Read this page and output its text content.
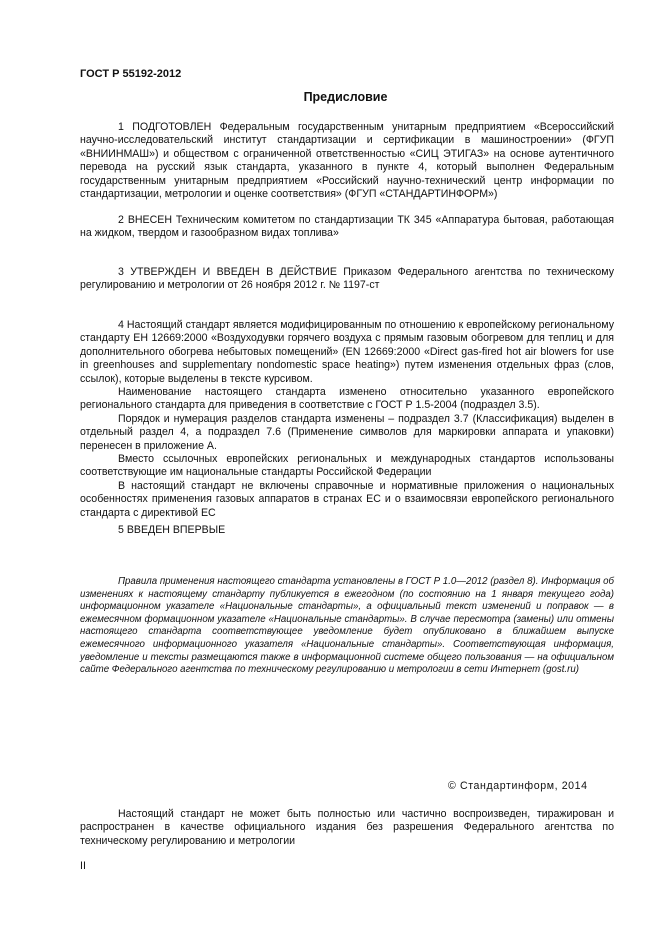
ГОСТ Р 55192-2012
Предисловие

1 ПОДГОТОВЛЕН Федеральным государственным унитарным предприятием «Всероссийский научно-исследовательский институт стандартизации и сертификации в машиностроении» (ФГУП «ВНИИНМАШ») и обществом с ограниченной ответственностью «СИЦ ЭТИГАЗ» на основе аутентичного перевода на русский язык стандарта, указанного в пункте 4, который выполнен Федеральным государственным унитарным предприятием «Российский научно-технический центр информации по стандартизации, метрологии и оценке соответствия» (ФГУП «СТАНДАРТИНФОРМ»)

2 ВНЕСЕН Техническим комитетом по стандартизации ТК 345 «Аппаратура бытовая, работающая на жидком, твердом и газообразном видах топлива»

3 УТВЕРЖДЕН И ВВЕДЕН В ДЕЙСТВИЕ Приказом Федерального агентства по техническому регулированию и метрологии от 26 ноября 2012 г. № 1197-ст

4 Настоящий стандарт является модифицированным по отношению к европейскому региональному стандарту ЕН 12669:2000 «Воздуходувки горячего воздуха с прямым газовым обогревом для теплиц и для дополнительного обогрева небытовых помещений» (EN 12669:2000 «Direct gas-fired hot air blowers for use in greenhouses and supplementary nondomestic space heating») путем изменения отдельных фраз (слов, ссылок), которые выделены в тексте курсивом.

Наименование настоящего стандарта изменено относительно указанного европейского регионального стандарта для приведения в соответствие с ГОСТ Р 1.5-2004 (подраздел 3.5).

Порядок и нумерация разделов стандарта изменены – подраздел 3.7 (Классификация) выделен в отдельный раздел 4, а подраздел 7.6 (Применение символов для маркировки аппарата и упаковки) перенесен в приложение А.

Вместо ссылочных европейских региональных и международных стандартов использованы соответствующие им национальные стандарты Российской Федерации

В настоящий стандарт не включены справочные и нормативные приложения о национальных особенностях применения газовых аппаратов в странах ЕС и о взаимосвязи европейского регионального стандарта с директивой ЕС

5 ВВЕДЕН ВПЕРВЫЕ

Правила применения настоящего стандарта установлены в ГОСТ Р 1.0—2012 (раздел 8). Информация об изменениях к настоящему стандарту публикуется в ежегодном (по состоянию на 1 января текущего года) информационном указателе «Национальные стандарты», а официальный текст изменений и поправок — в ежемесячном формационном указателе «Национальные стандарты». В случае пересмотра (замены) или отмены настоящего стандарта соответствующее уведомление будет опубликовано в ближайшем выпуске ежемесячного информационного указателя «Национальные стандарты». Соответствующая информация, уведомление и тексты размещаются также в информационной системе общего пользования — на официальном сайте Федерального агентства по техническому регулированию и метрологии в сети Интернет (gost.ru)

© Стандартинформ, 2014

Настоящий стандарт не может быть полностью или частично воспроизведен, тиражирован и распространен в качестве официального издания без разрешения Федерального агентства по техническому регулированию и метрологии

II
